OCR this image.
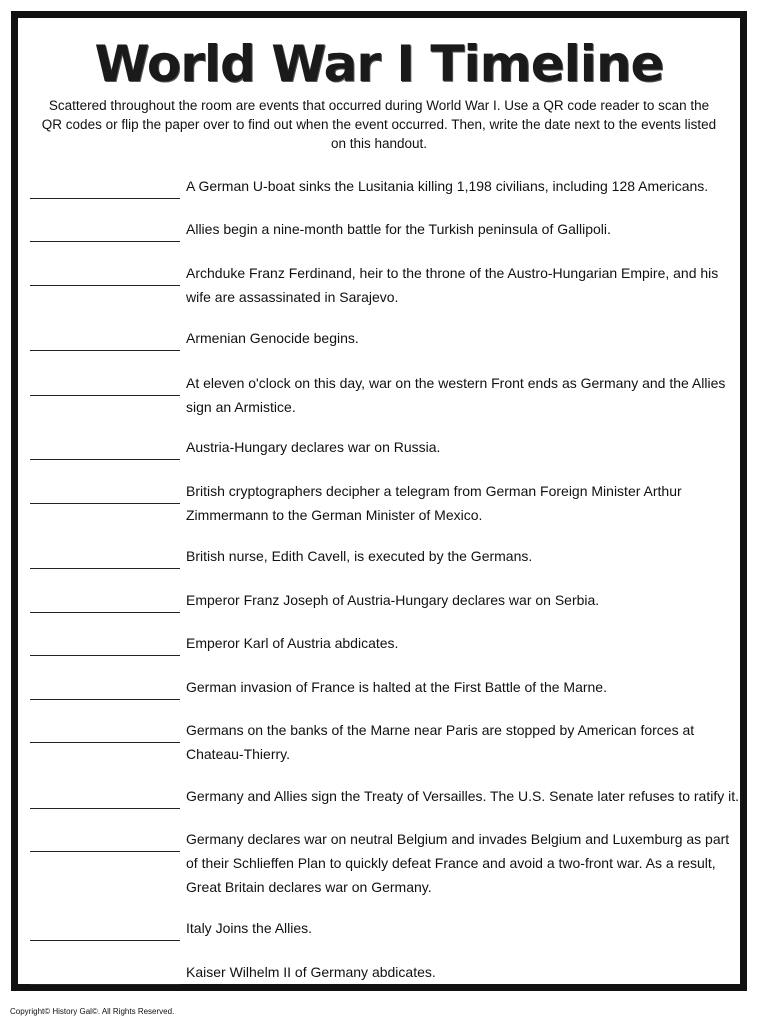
World War I Timeline
Scattered throughout the room are events that occurred during World War I. Use a QR code reader to scan the QR codes or flip the paper over to find out when the event occurred. Then, write the date next to the events listed on this handout.
A German U-boat sinks the Lusitania killing 1,198 civilians, including 128 Americans.
Allies begin a nine-month battle for the Turkish peninsula of Gallipoli.
Archduke Franz Ferdinand, heir to the throne of the Austro-Hungarian Empire, and his wife are assassinated in Sarajevo.
Armenian Genocide begins.
At eleven o'clock on this day, war on the western Front ends as Germany and the Allies sign an Armistice.
Austria-Hungary declares war on Russia.
British cryptographers decipher a telegram from German Foreign Minister Arthur Zimmermann to the German Minister of Mexico.
British nurse, Edith Cavell, is executed by the Germans.
Emperor Franz Joseph of Austria-Hungary declares war on Serbia.
Emperor Karl of Austria abdicates.
German invasion of France is halted at the First Battle of the Marne.
Germans on the banks of the Marne near Paris are stopped by American forces at Chateau-Thierry.
Germany and Allies sign the Treaty of Versailles. The U.S. Senate later refuses to ratify it.
Germany declares war on neutral Belgium and invades Belgium and Luxemburg as part of their Schlieffen Plan to quickly defeat France and avoid a two-front war. As a result, Great Britain declares war on Germany.
Italy Joins the Allies.
Kaiser Wilhelm II of Germany abdicates.
Copyright© History Gal©. All Rights Reserved.
